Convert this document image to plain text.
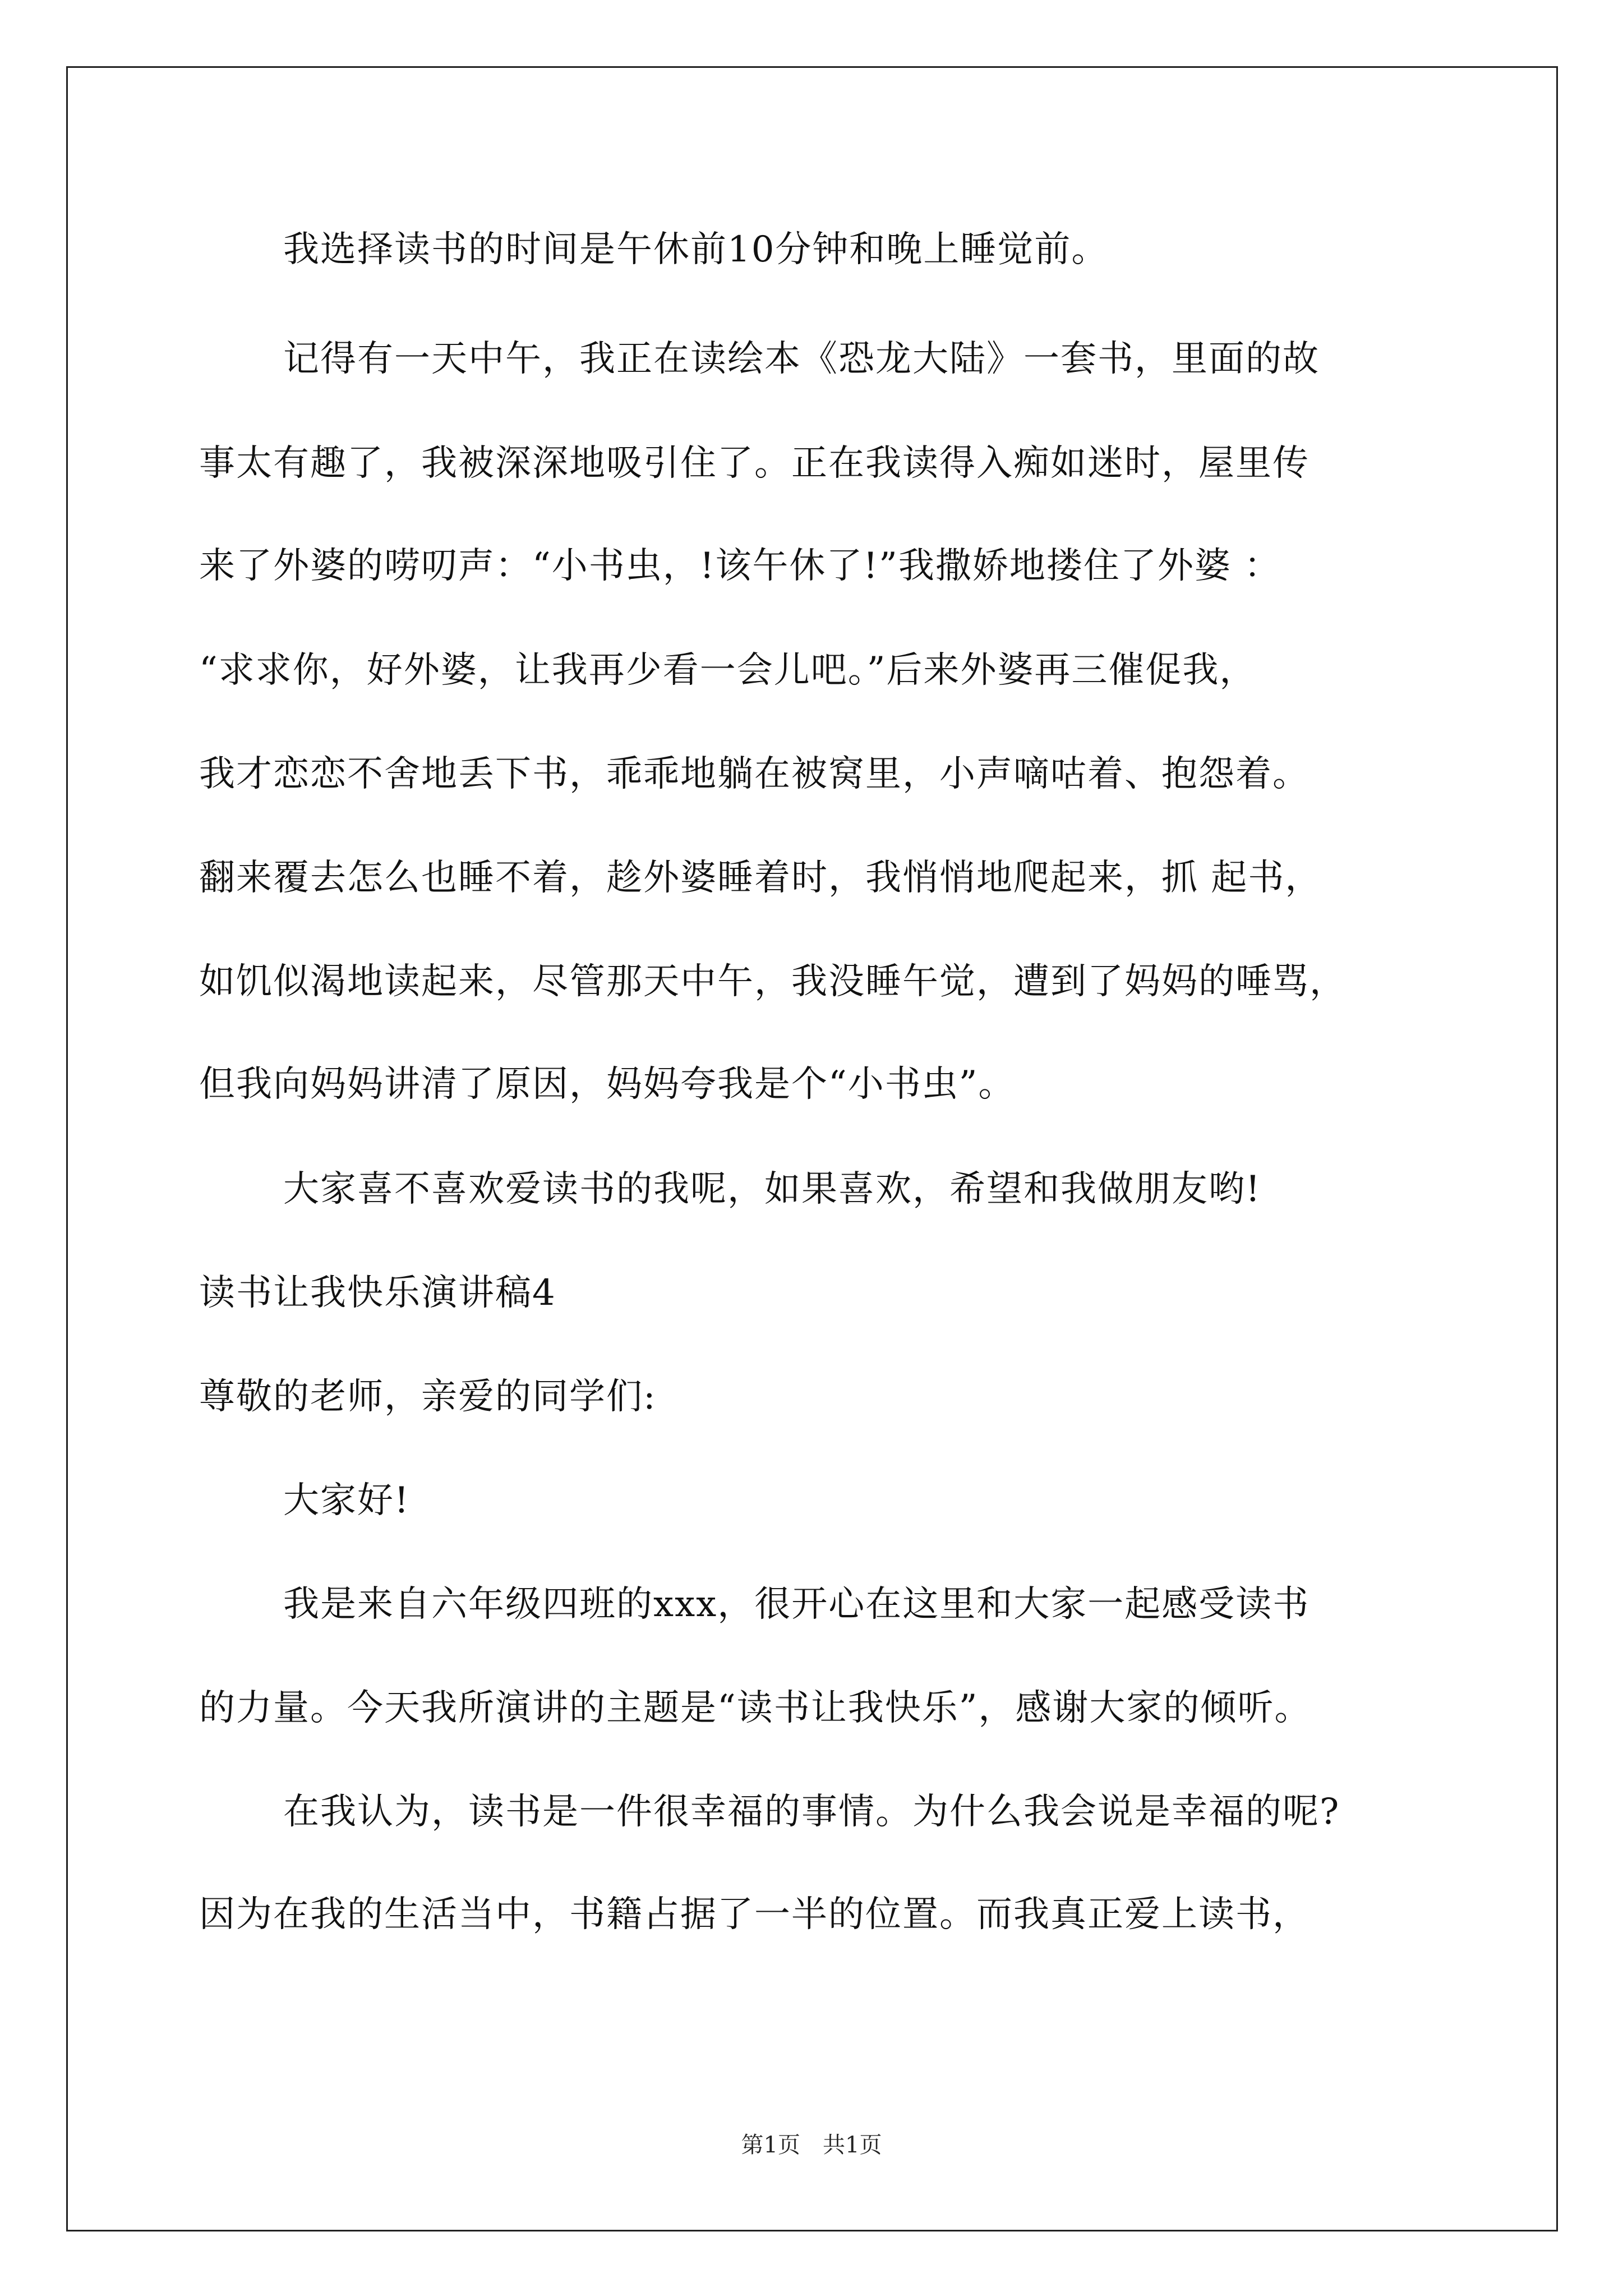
我选择读书的时间是午休前10分钟和晚上睡觉前。
记得有一天中午，我正在读绘本《恐龙大陆》一套书，里面的故
事太有趣了，我被深深地吸引住了。正在我读得入痴如迷时，屋里传
来了外婆的唠叨声：“小书虫，!该午休了!”我撒娇地搂住了外婆 ：
“求求你，好外婆，让我再少看一会儿吧。”后来外婆再三催促我，
我才恋恋不舍地丢下书，乖乖地躺在被窝里，小声嘀咕着、抱怨着。
翻来覆去怎么也睡不着，趁外婆睡着时，我悄悄地爬起来，抓 起书，
如饥似渴地读起来，尽管那天中午，我没睡午觉，遭到了妈妈的唾骂，
但我向妈妈讲清了原因，妈妈夸我是个“小书虫”。
大家喜不喜欢爱读书的我呢，如果喜欢，希望和我做朋友哟!
读书让我快乐演讲稿4
尊敬的老师，亲爱的同学们:
大家好!
我是来自六年级四班的xxx，很开心在这里和大家一起感受读书
的力量。今天我所演讲的主题是“读书让我快乐”，感谢大家的倾听。
在我认为，读书是一件很幸福的事情。为什么我会说是幸福的呢?
因为在我的生活当中，书籍占据了一半的位置。而我真正爱上读书，
第1页　共1页
